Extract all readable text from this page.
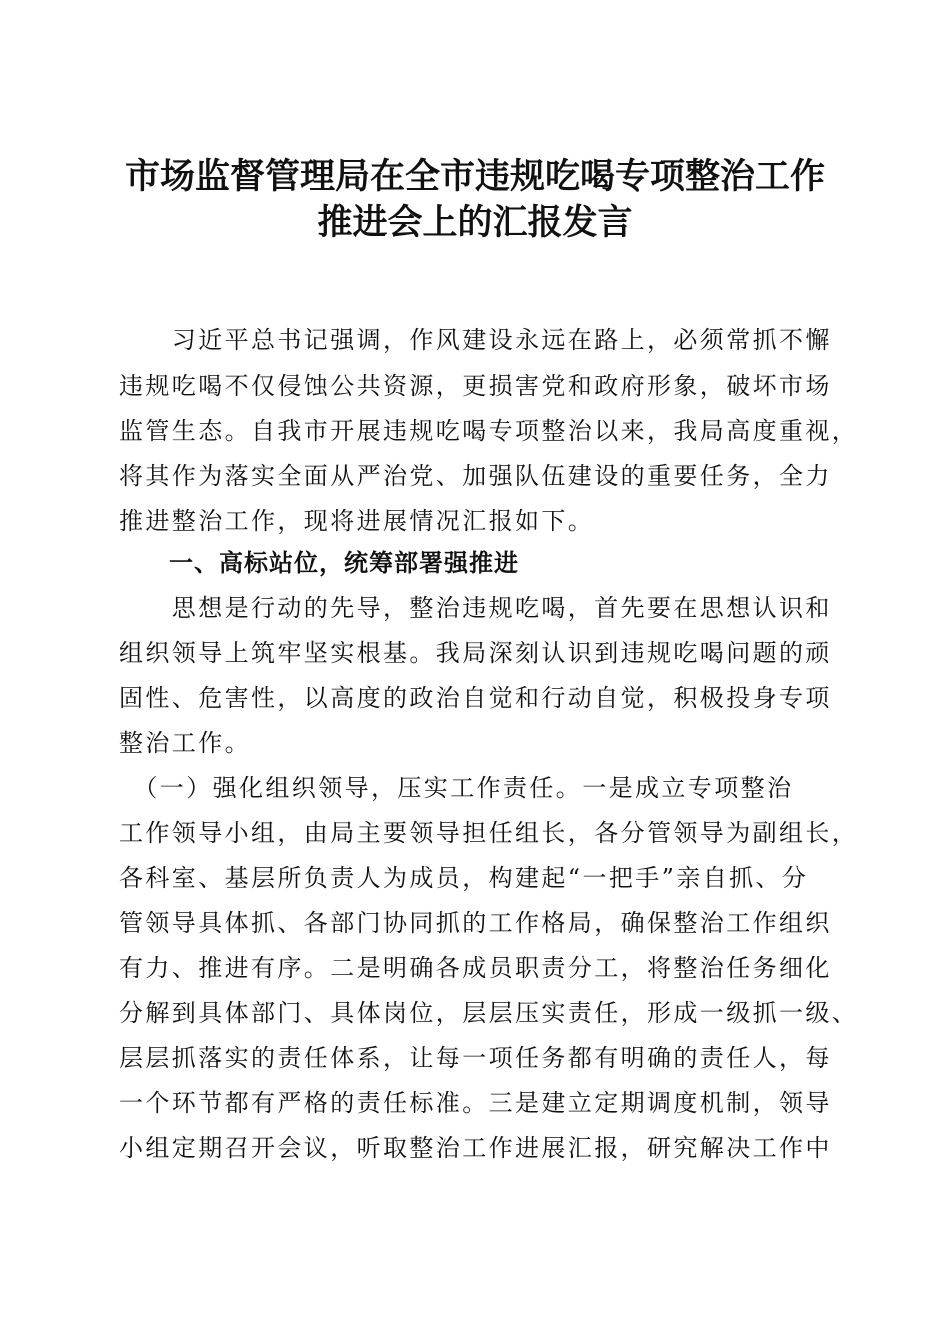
市场监督管理局在全市违规吃喝专项整治工作
推进会上的汇报发言
　　习近平总书记强调，作风建设永远在路上，必须常抓不懈
违规吃喝不仅侵蚀公共资源，更损害党和政府形象，破坏市场
监管生态。自我市开展违规吃喝专项整治以来，我局高度重视，
将其作为落实全面从严治党、加强队伍建设的重要任务，全力
推进整治工作，现将进展情况汇报如下。
　　一、高标站位，统筹部署强推进
　　思想是行动的先导，整治违规吃喝，首先要在思想认识和
组织领导上筑牢坚实根基。我局深刻认识到违规吃喝问题的顽
固性、危害性，以高度的政治自觉和行动自觉，积极投身专项
整治工作。
　（一）强化组织领导，压实工作责任。一是成立专项整治
工作领导小组，由局主要领导担任组长，各分管领导为副组长，
各科室、基层所负责人为成员，构建起“一把手”亲自抓、分
管领导具体抓、各部门协同抓的工作格局，确保整治工作组织
有力、推进有序。二是明确各成员职责分工，将整治任务细化
分解到具体部门、具体岗位，层层压实责任，形成一级抓一级、
层层抓落实的责任体系，让每一项任务都有明确的责任人，每
一个环节都有严格的责任标准。三是建立定期调度机制，领导
小组定期召开会议，听取整治工作进展汇报，研究解决工作中
